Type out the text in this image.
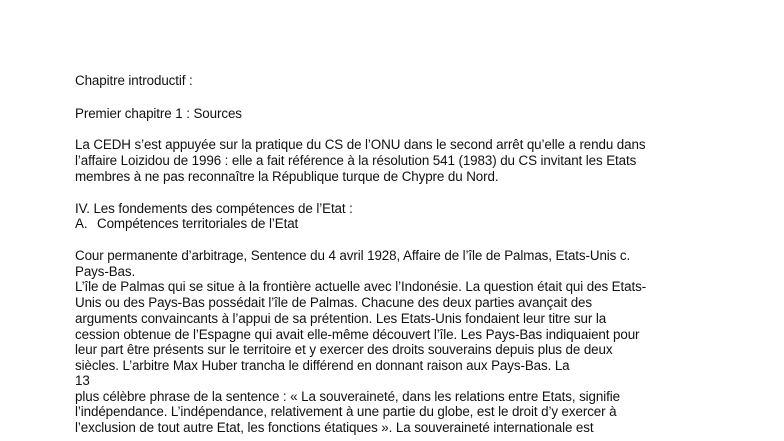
Chapitre introductif :
Premier chapitre 1 : Sources
La CEDH s’est appuyée sur la pratique du CS de l’ONU dans le second arrêt qu’elle a rendu dans
l’affaire Loizidou de 1996 : elle a fait référence à la résolution 541 (1983) du CS invitant les Etats
membres à ne pas reconnaître la République turque de Chypre du Nord.
IV. Les fondements des compétences de l’Etat :
A. Compétences territoriales de l’Etat
Cour permanente d’arbitrage, Sentence du 4 avril 1928, Affaire de l’île de Palmas, Etats-Unis c.
Pays-Bas.
L’île de Palmas qui se situe à la frontière actuelle avec l’Indonésie. La question était qui des Etats-
Unis ou des Pays-Bas possédait l’île de Palmas. Chacune des deux parties avançait des
arguments convaincants à l’appui de sa prétention. Les Etats-Unis fondaient leur titre sur la
cession obtenue de l’Espagne qui avait elle-même découvert l’île. Les Pays-Bas indiquaient pour
leur part être présents sur le territoire et y exercer des droits souverains depuis plus de deux
siècles. L’arbitre Max Huber trancha le différend en donnant raison aux Pays-Bas. La
13
plus célèbre phrase de la sentence : « La souveraineté, dans les relations entre Etats, signifie
l’indépendance. L’indépendance, relativement à une partie du globe, est le droit d’y exercer à
l’exclusion de tout autre Etat, les fonctions étatiques ». La souveraineté internationale est
